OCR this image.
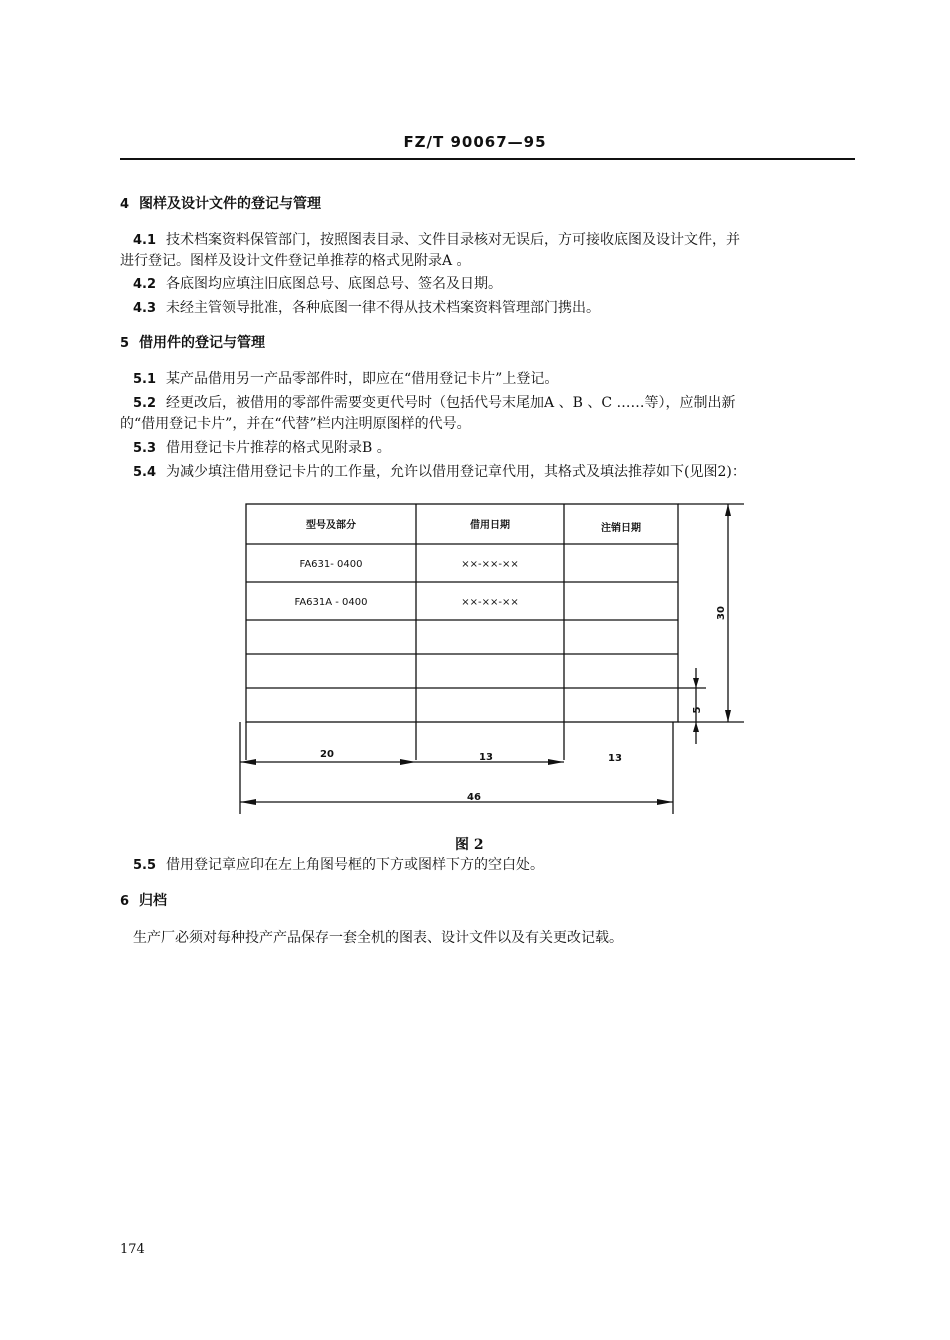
FZ/T 90067—95
4 图样及设计文件的登记与管理
4.1 技术档案资料保管部门，按照图表目录、文件目录核对无误后，方可接收底图及设计文件，并
进行登记。图样及设计文件登记单推荐的格式见附录A 。
4.2 各底图均应填注旧底图总号、底图总号、签名及日期。
4.3 未经主管领导批准，各种底图一律不得从技术档案资料管理部门携出。
5 借用件的登记与管理
5.1 某产品借用另一产品零部件时，即应在“借用登记卡片”上登记。
5.2 经更改后，被借用的零部件需要变更代号时（包括代号末尾加A 、B 、C ……等），应制出新
的“借用登记卡片”，并在“代替”栏内注明原图样的代号。
5.3 借用登记卡片推荐的格式见附录B 。
5.4 为减少填注借用登记卡片的工作量，允许以借用登记章代用，其格式及填法推荐如下(见图2)：
型号及部分	借用日期	注销日期
FA631- 0400	××-××-××
FA631A - 0400	××-××-××
20	13	13
46
30
5
图 2
5.5 借用登记章应印在左上角图号框的下方或图样下方的空白处。
6 归档
生产厂必须对每种投产产品保存一套全机的图表、设计文件以及有关更改记载。
174
